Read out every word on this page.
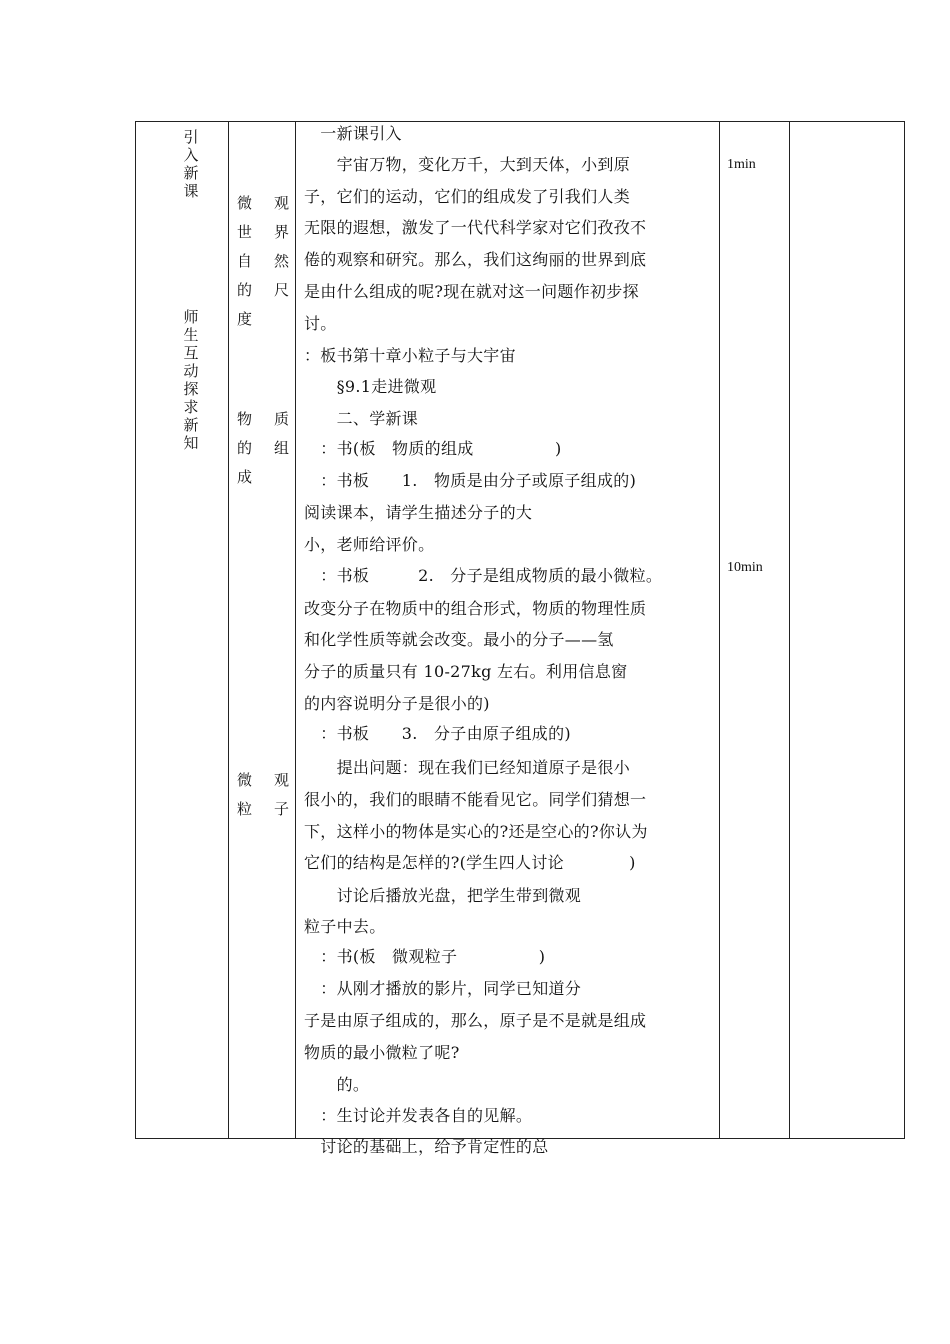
引入新课
师生互动
探求新知
微　观
世界
自　然
的　尺
度
物　质
的　组
成
微　观
粒子
1min
10min
　一新课引入
　　宇宙万物，变化万千，大到天体，小到原
子，它们的运动，它们的组成发了引我们人类
无限的遐想，激发了一代代科学家对它们孜孜不
倦的观察和研究。那么，我们这绚丽的世界到底
是由什么组成的呢?现在就对这一问题作初步探
讨。
：板书第十章小粒子与大宇宙
　　§9.1走进微观
　　二、学新课
　：书(板　物质的组成　　　　　)
　：书板　　1.　物质是由分子或原子组成的)
阅读课本，请学生描述分子的大
小，老师给评价。
　：书板　　　2.　分子是组成物质的最小微粒。
改变分子在物质中的组合形式，物质的物理性质
和化学性质等就会改变。最小的分子——氢
分子的质量只有 10-27kg 左右。利用信息窗
的内容说明分子是很小的)
　：书板　　3.　分子由原子组成的)
　　提出问题：现在我们已经知道原子是很小
很小的，我们的眼睛不能看见它。同学们猜想一
下，这样小的物体是实心的?还是空心的?你认为
它们的结构是怎样的?(学生四人讨论　　　　)
　　讨论后播放光盘，把学生带到微观
粒子中去。
　：书(板　微观粒子　　　　　)
　：从刚才播放的影片，同学已知道分
子是由原子组成的，那么，原子是不是就是组成
物质的最小微粒了呢?
　　的。
　：生讨论并发表各自的见解。
　讨论的基础上，给予肯定性的总
